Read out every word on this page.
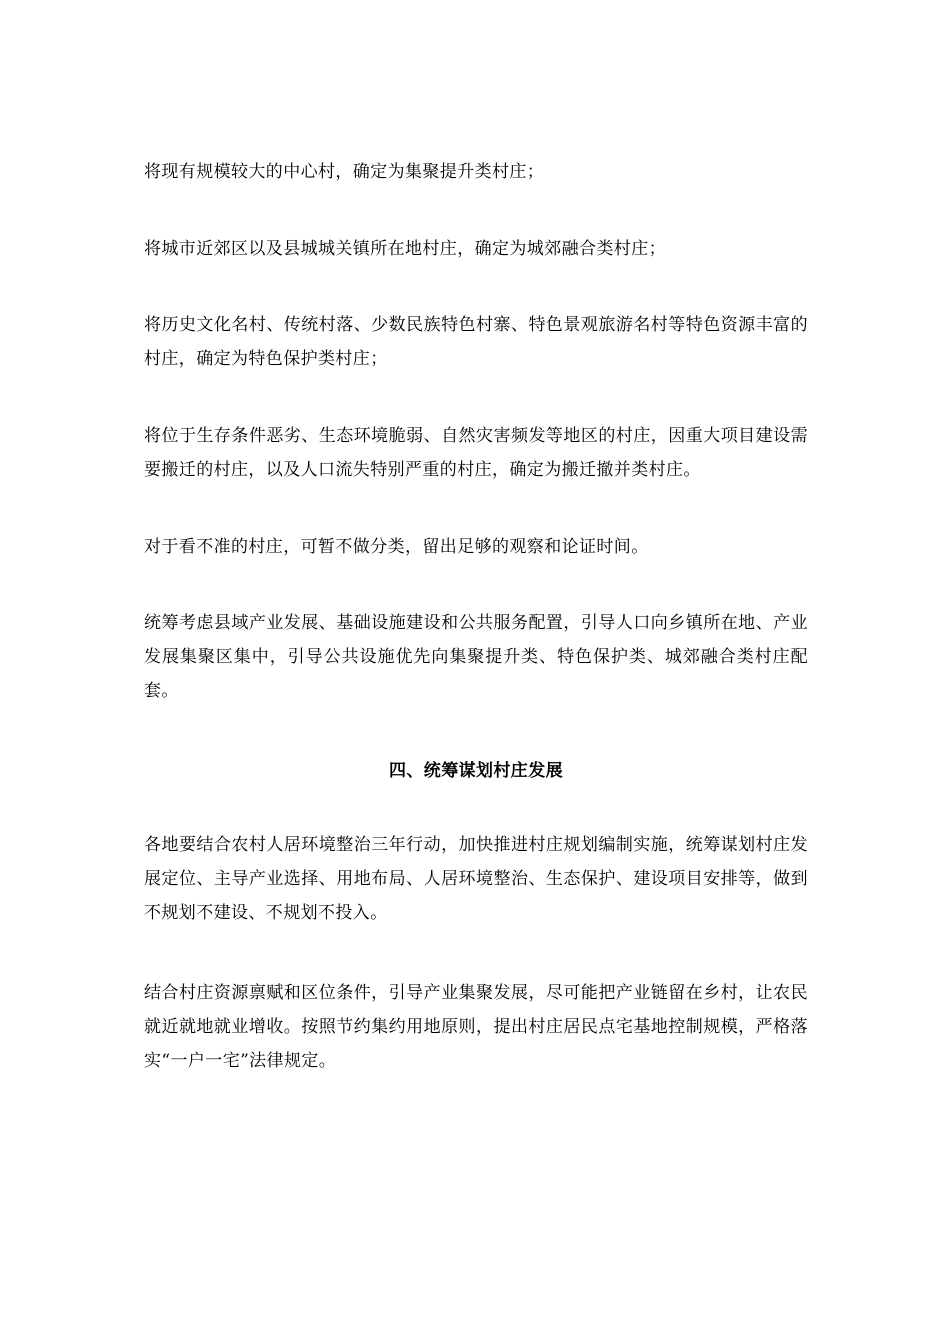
将现有规模较大的中心村，确定为集聚提升类村庄；

将城市近郊区以及县城城关镇所在地村庄，确定为城郊融合类村庄；

将历史文化名村、传统村落、少数民族特色村寨、特色景观旅游名村等特色资源丰富的村庄，确定为特色保护类村庄；

将位于生存条件恶劣、生态环境脆弱、自然灾害频发等地区的村庄，因重大项目建设需要搬迁的村庄，以及人口流失特别严重的村庄，确定为搬迁撤并类村庄。

对于看不准的村庄，可暂不做分类，留出足够的观察和论证时间。

统筹考虑县域产业发展、基础设施建设和公共服务配置，引导人口向乡镇所在地、产业发展集聚区集中，引导公共设施优先向集聚提升类、特色保护类、城郊融合类村庄配套。

四、统筹谋划村庄发展

各地要结合农村人居环境整治三年行动，加快推进村庄规划编制实施，统筹谋划村庄发展定位、主导产业选择、用地布局、人居环境整治、生态保护、建设项目安排等，做到不规划不建设、不规划不投入。

结合村庄资源禀赋和区位条件，引导产业集聚发展，尽可能把产业链留在乡村，让农民就近就地就业增收。按照节约集约用地原则，提出村庄居民点宅基地控制规模，严格落实“一户一宅”法律规定。
